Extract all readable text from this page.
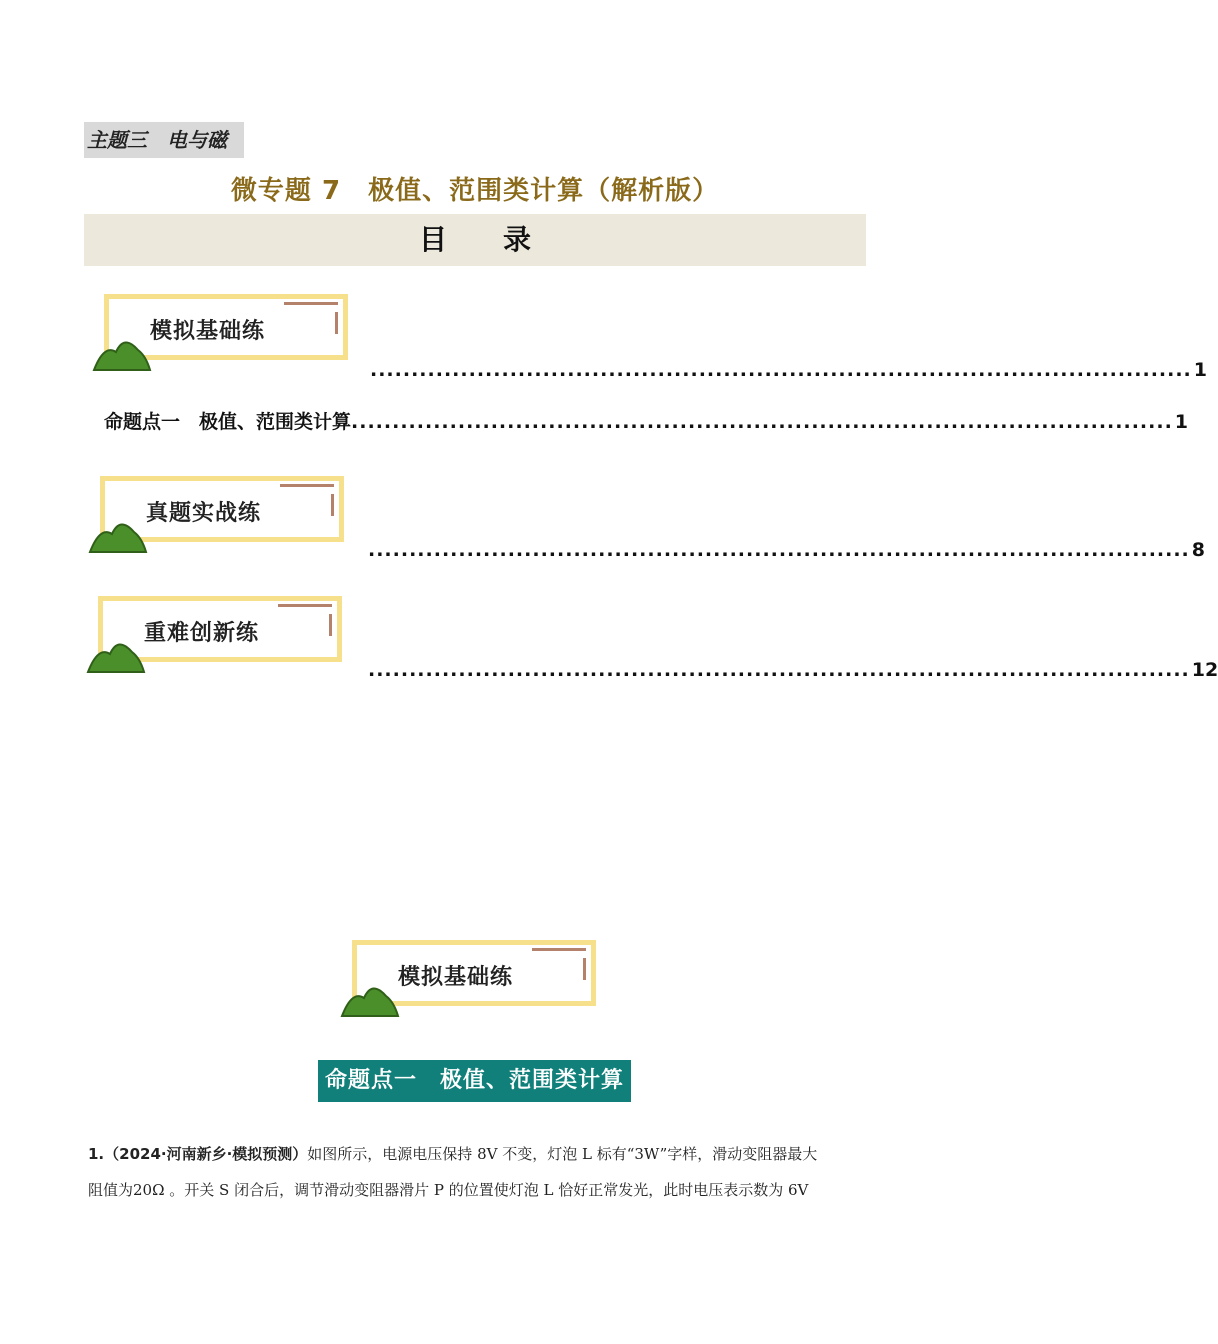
主题三　电与磁
微专题 7　极值、范围类计算（解析版）
目　　录
模拟基础练
.................................................................................................... 1
命题点一　极值、范围类计算 .................................................................................................... 1
真题实战练
.................................................................................................... 8
重难创新练
.................................................................................................... 12
模拟基础练
命题点一　极值、范围类计算
1.（2024·河南新乡·模拟预测）如图所示，电源电压保持 8V 不变，灯泡 L 标有“3W”字样，滑动变阻器最大
阻值为20Ω 。开关 S 闭合后，调节滑动变阻器滑片 P 的位置使灯泡 L 恰好正常发光，此时电压表示数为 6V
